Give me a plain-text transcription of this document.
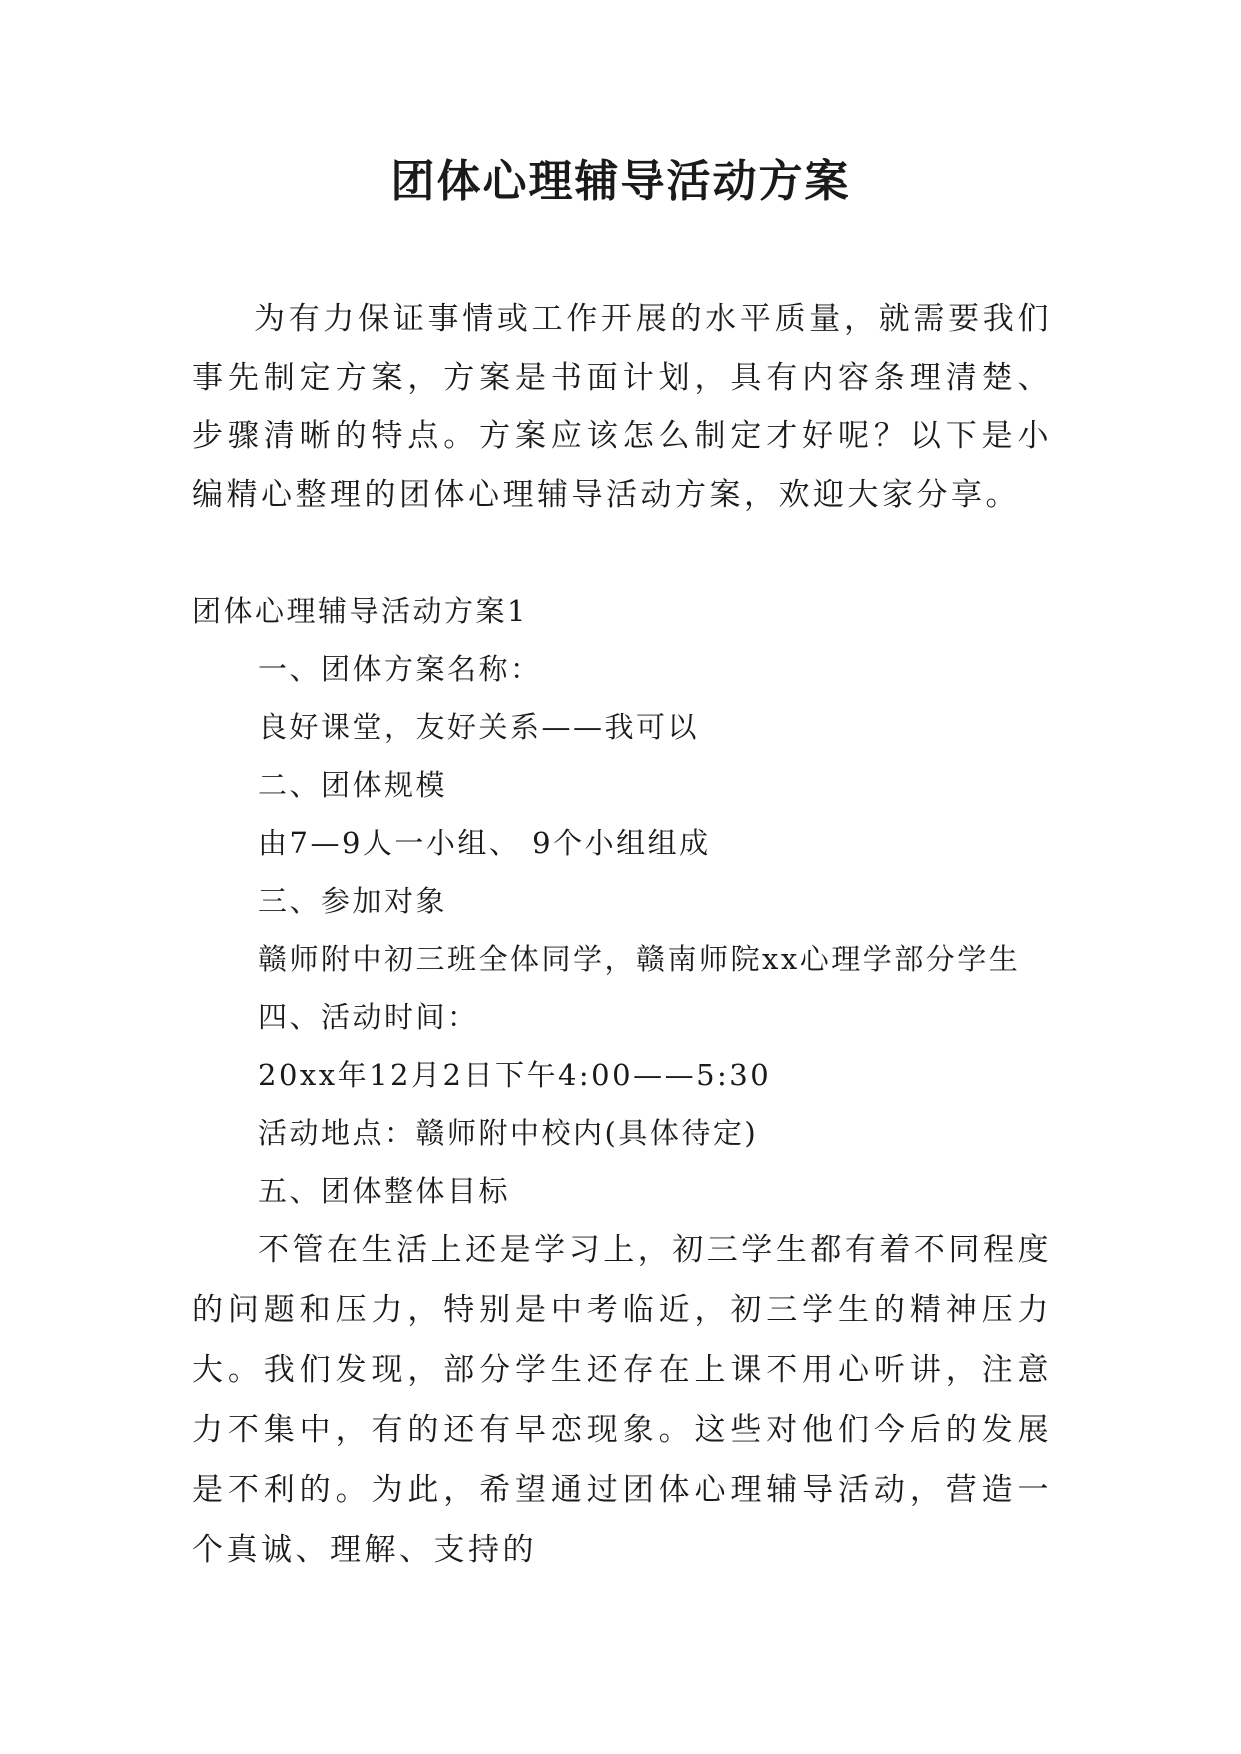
团体心理辅导活动方案

为有力保证事情或工作开展的水平质量，就需要我们事先制定方案，方案是书面计划，具有内容条理清楚、步骤清晰的特点。方案应该怎么制定才好呢？以下是小编精心整理的团体心理辅导活动方案，欢迎大家分享。

团体心理辅导活动方案1
一、团体方案名称：
良好课堂，友好关系——我可以
二、团体规模
由7—9人一小组、 9个小组组成
三、参加对象

赣师附中初三班全体同学，赣南师院xx心理学部分学生

四、活动时间：
20xx年12月2日下午4:00——5:30
活动地点：赣师附中校内(具体待定)
五、团体整体目标

不管在生活上还是学习上，初三学生都有着不同程度的问题和压力，特别是中考临近，初三学生的精神压力大。我们发现，部分学生还存在上课不用心听讲，注意力不集中，有的还有早恋现象。这些对他们今后的发展是不利的。为此，希望通过团体心理辅导活动，营造一个真诚、理解、支持的
